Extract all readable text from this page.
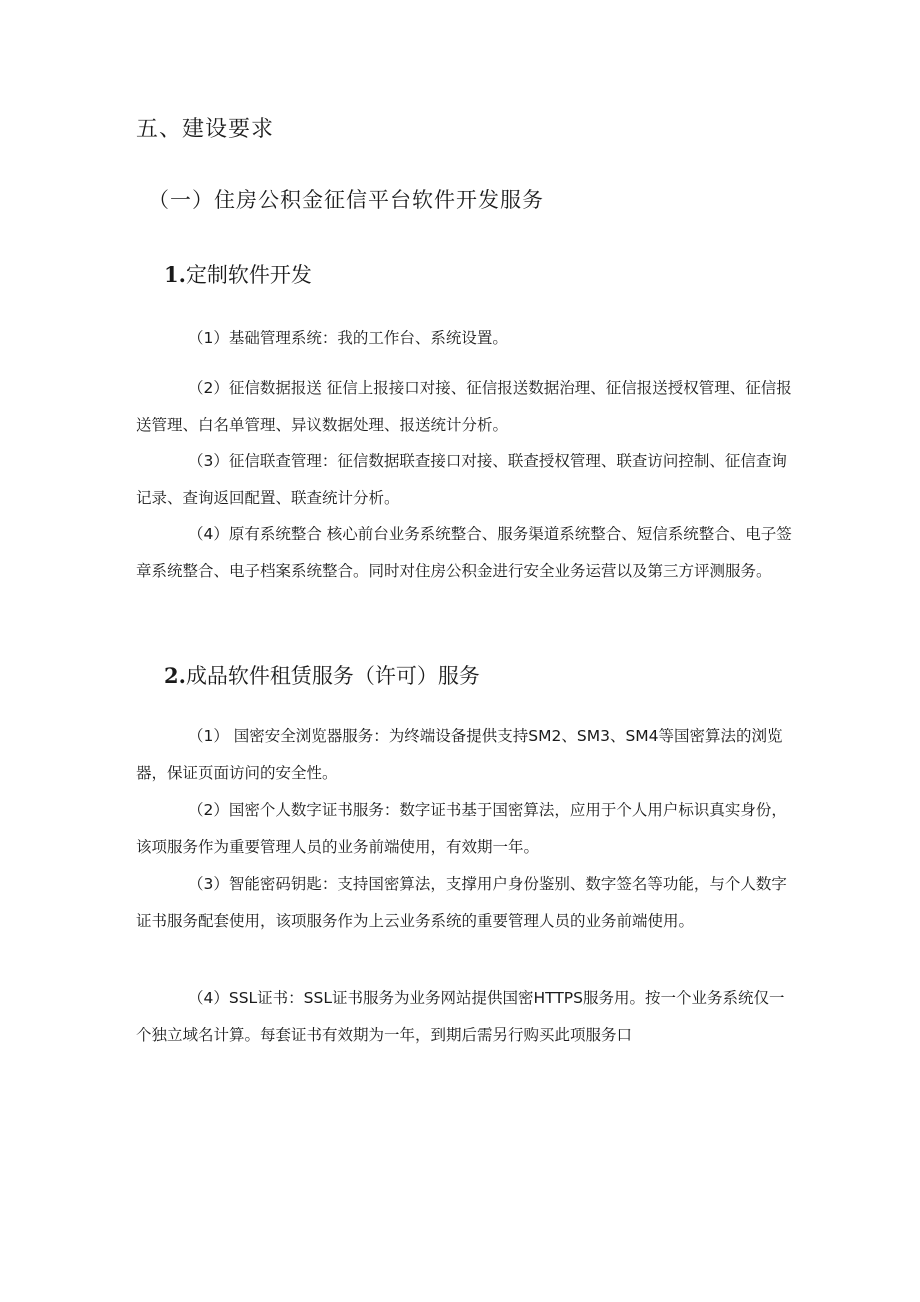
五、建设要求
（一）住房公积金征信平台软件开发服务
1.定制软件开发
（1）基础管理系统：我的工作台、系统设置。
（2）征信数据报送 征信上报接口对接、征信报送数据治理、征信报送授权管理、征信报送管理、白名单管理、异议数据处理、报送统计分析。
（3）征信联查管理：征信数据联查接口对接、联查授权管理、联查访问控制、征信查询记录、查询返回配置、联查统计分析。
（4）原有系统整合 核心前台业务系统整合、服务渠道系统整合、短信系统整合、电子签章系统整合、电子档案系统整合。同时对住房公积金进行安全业务运营以及第三方评测服务。
2.成品软件租赁服务（许可）服务
（1） 国密安全浏览器服务：为终端设备提供支持SM2、SM3、SM4等国密算法的浏览器，保证页面访问的安全性。
（2）国密个人数字证书服务：数字证书基于国密算法，应用于个人用户标识真实身份，该项服务作为重要管理人员的业务前端使用，有效期一年。
（3）智能密码钥匙：支持国密算法，支撑用户身份鉴别、数字签名等功能，与个人数字证书服务配套使用，该项服务作为上云业务系统的重要管理人员的业务前端使用。
（4）SSL证书：SSL证书服务为业务网站提供国密HTTPS服务用。按一个业务系统仅一个独立域名计算。每套证书有效期为一年，到期后需另行购买此项服务口
